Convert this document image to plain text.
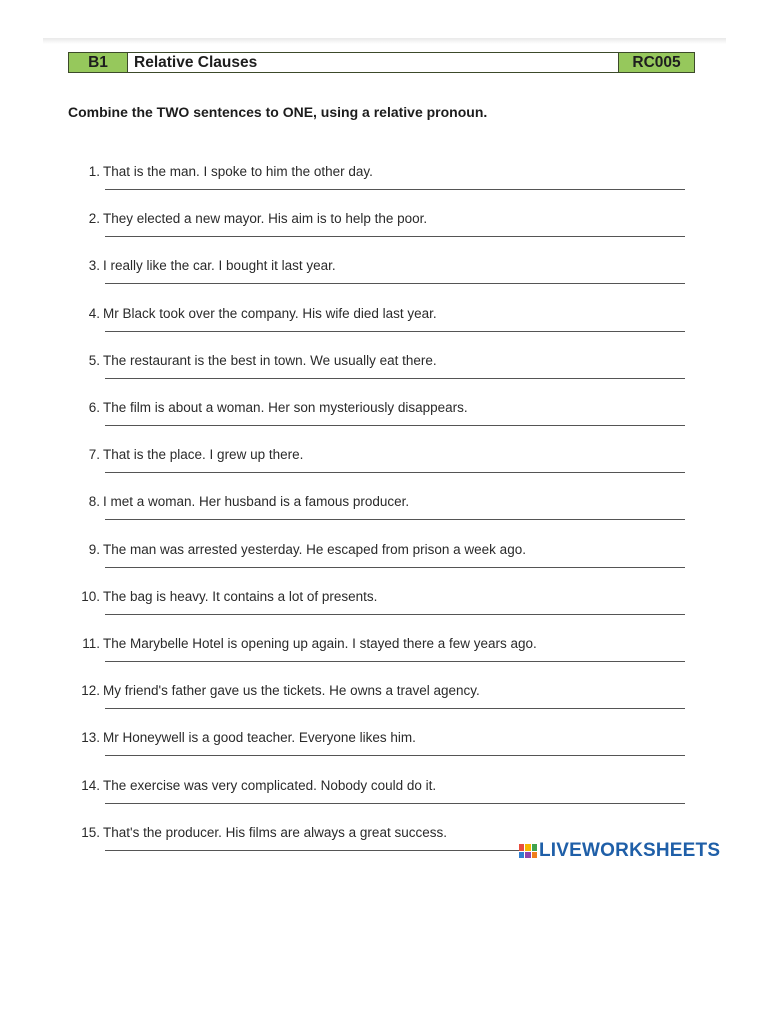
B1	Relative Clauses	RC005
Combine the TWO sentences to ONE, using a relative pronoun.
1. That is the man. I spoke to him the other day.
2. They elected a new mayor. His aim is to help the poor.
3. I really like the car. I bought it last year.
4. Mr Black took over the company. His wife died last year.
5. The restaurant is the best in town. We usually eat there.
6. The film is about a woman. Her son mysteriously disappears.
7. That is the place. I grew up there.
8. I met a woman. Her husband is a famous producer.
9. The man was arrested yesterday. He escaped from prison a week ago.
10. The bag is heavy. It contains a lot of presents.
11. The Marybelle Hotel is opening up again. I stayed there a few years ago.
12. My friend's father gave us the tickets. He owns a travel agency.
13. Mr Honeywell is a good teacher. Everyone likes him.
14. The exercise was very complicated. Nobody could do it.
15. That's the producer. His films are always a great success.
LIVEWORKSHEETS
